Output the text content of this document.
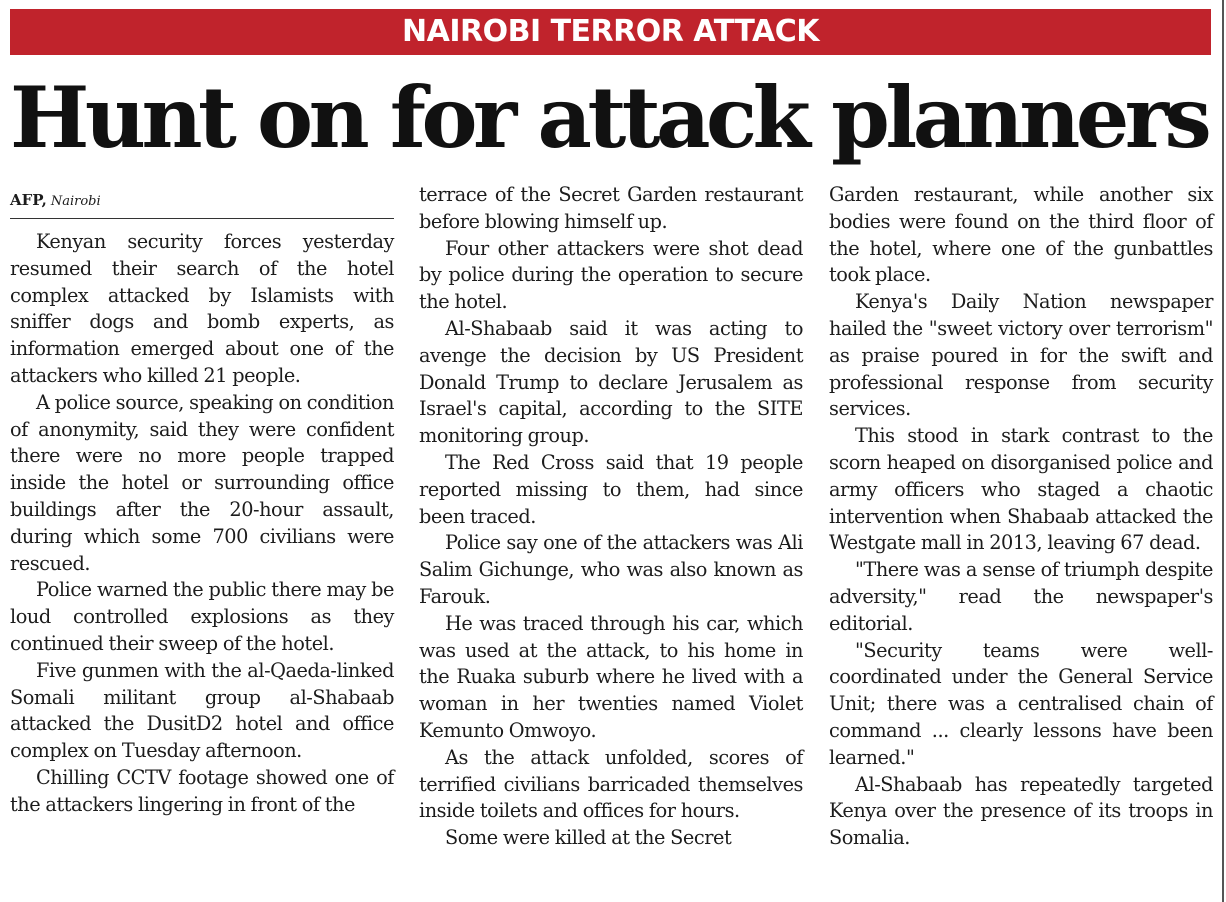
NAIROBI TERROR ATTACK
Hunt on for attack planners
AFP, Nairobi

Kenyan security forces yesterday resumed their search of the hotel complex attacked by Islamists with sniffer dogs and bomb experts, as information emerged about one of the attackers who killed 21 people.

A police source, speaking on condition of anonymity, said they were confident there were no more people trapped inside the hotel or surrounding office buildings after the 20-hour assault, during which some 700 civilians were rescued.

Police warned the public there may be loud controlled explosions as they continued their sweep of the hotel.

Five gunmen with the al-Qaeda-linked Somali militant group al-Shabaab attacked the DusitD2 hotel and office complex on Tuesday afternoon.

Chilling CCTV footage showed one of the attackers lingering in front of the

terrace of the Secret Garden restaurant before blowing himself up.

Four other attackers were shot dead by police during the operation to secure the hotel.

Al-Shabaab said it was acting to avenge the decision by US President Donald Trump to declare Jerusalem as Israel's capital, according to the SITE monitoring group.

The Red Cross said that 19 people reported missing to them, had since been traced.

Police say one of the attackers was Ali Salim Gichunge, who was also known as Farouk.

He was traced through his car, which was used at the attack, to his home in the Ruaka suburb where he lived with a woman in her twenties named Violet Kemunto Omwoyo.

As the attack unfolded, scores of terrified civilians barricaded themselves inside toilets and offices for hours.

Some were killed at the Secret

Garden restaurant, while another six bodies were found on the third floor of the hotel, where one of the gunbattles took place.

Kenya's Daily Nation newspaper hailed the "sweet victory over terrorism" as praise poured in for the swift and professional response from security services.

This stood in stark contrast to the scorn heaped on disorganised police and army officers who staged a chaotic intervention when Shabaab attacked the Westgate mall in 2013, leaving 67 dead.

"There was a sense of triumph despite adversity," read the newspaper's editorial.

"Security teams were well-coordinated under the General Service Unit; there was a centralised chain of command ... clearly lessons have been learned."

Al-Shabaab has repeatedly targeted Kenya over the presence of its troops in Somalia.
